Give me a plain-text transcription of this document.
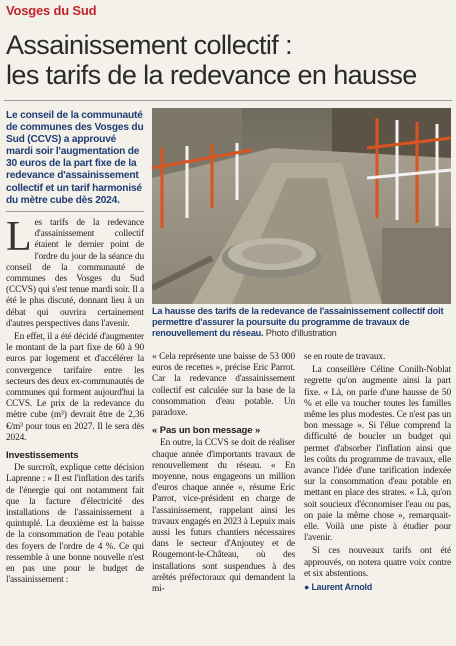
Vosges du Sud
Assainissement collectif :
les tarifs de la redevance en hausse
Le conseil de la communauté de communes des Vosges du Sud (CCVS) a approuvé mardi soir l'augmentation de 30 euros de la part fixe de la redevance d'assainissement collectif et un tarif harmonisé du mètre cube dès 2024.

Les tarifs de la redevance d'assainissement collectif étaient le dernier point de l'ordre du jour de la séance du conseil de la communauté de communes des Vosges du Sud (CCVS) qui s'est tenue mardi soir. Il a été le plus discuté, donnant lieu à un débat qui ouvrira certainement d'autres perspectives dans l'avenir.

En effet, il a été décidé d'augmenter le montant de la part fixe de 60 à 90 euros par logement et d'accélérer la convergence tarifaire entre les secteurs des deux ex-communautés de communes qui forment aujourd'hui la CCVS. Le prix de la redevance du mètre cube (m³) devrait être de 2,36 €/m³ pour tous en 2027. Il le sera dès 2024.

Investissements

De surcroît, explique cette décision Laprenne : « Il est l'inflation des tarifs de l'énergie qui ont notamment fait que la facture d'électricité des installations de l'assainissement a quintuplé. La deuxième est la baisse de la consommation de l'eau potable des foyers de l'ordre de 4 %. Ce qui ressemble à une bonne nouvelle n'est en pas une pour le budget de l'assainissement :

La hausse des tarifs de la redevance de l'assainissement collectif doit permettre d'assurer la poursuite du programme de travaux de renouvellement du réseau. Photo d'illustration

« Cela représente une baisse de 53 000 euros de recettes », précise Eric Parrot. Car la redevance d'assainissement collectif est calculée sur la base de la consommation d'eau potable. Un paradoxe.

« Pas un bon message »

En outre, la CCVS se doit de réaliser chaque année d'importants travaux de renouvellement du réseau. « En moyenne, nous engageons un million d'euros chaque année », résume Eric Parrot, vice-président en charge de l'assainissement, rappelant ainsi les travaux engagés en 2023 à Lepuix mais aussi les futurs chantiers nécessaires dans le secteur d'Anjoutey et de Rougemont-le-Château, où des installations sont suspendues à des arrêtés préfectoraux qui demandent la mi-

se en route de travaux.

La conseillère Céline Conilh-Noblat regrette qu'on augmente ainsi la part fixe. « Là, on parle d'une hausse de 50 % et elle va toucher toutes les familles même les plus modestes. Ce n'est pas un bon message ». Si l'élue comprend la difficulté de boucler un budget qui permet d'absorber l'inflation ainsi que les coûts du programme de travaux, elle avance l'idée d'une tarification indexée sur la consommation d'eau potable en mettant en place des strates. « Là, qu'on soit soucieux d'économiser l'eau ou pas, on paie la même chose », remarquait-elle. Voilà une piste à étudier pour l'avenir.

Si ces nouveaux tarifs ont été approuvés, on notera quatre voix contre et six abstentions.

● Laurent Arnold
